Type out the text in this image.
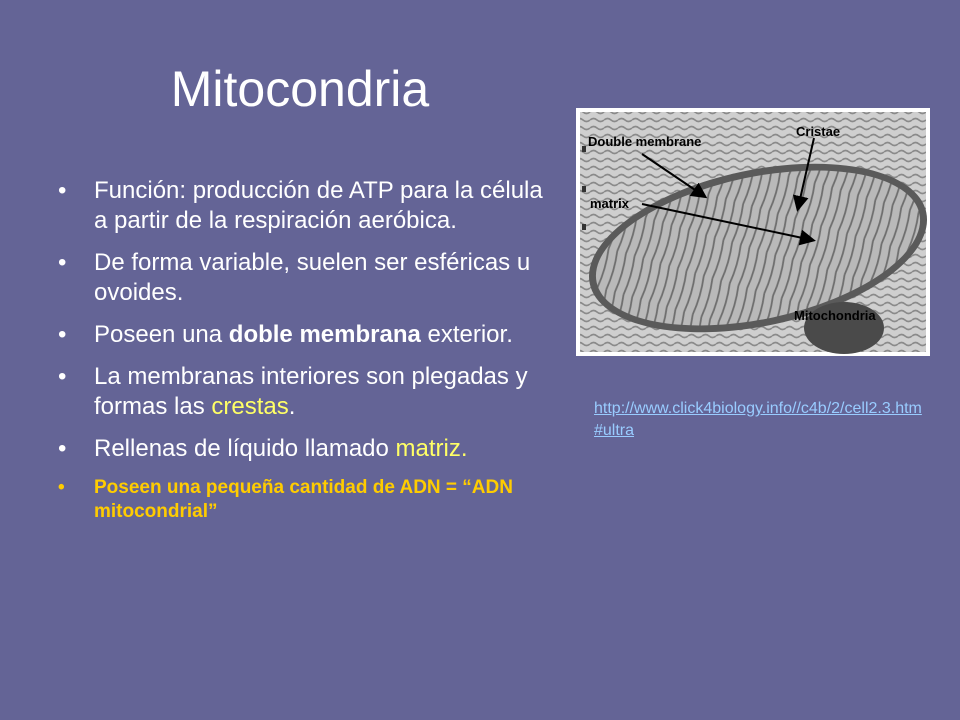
Mitocondria
• Función: producción de ATP para la célula a partir de la respiración aeróbica.
• De forma variable, suelen ser esféricas u ovoides.
• Poseen una doble membrana exterior.
• La membranas interiores son plegadas y formas las crestas.
• Rellenas de líquido llamado matriz.
• Poseen una pequeña cantidad de ADN = “ADN mitocondrial”
Double membrane
Cristae
matrix
Mitochondria
http://www.click4biology.info//c4b/2/cell2.3.htm#ultra
